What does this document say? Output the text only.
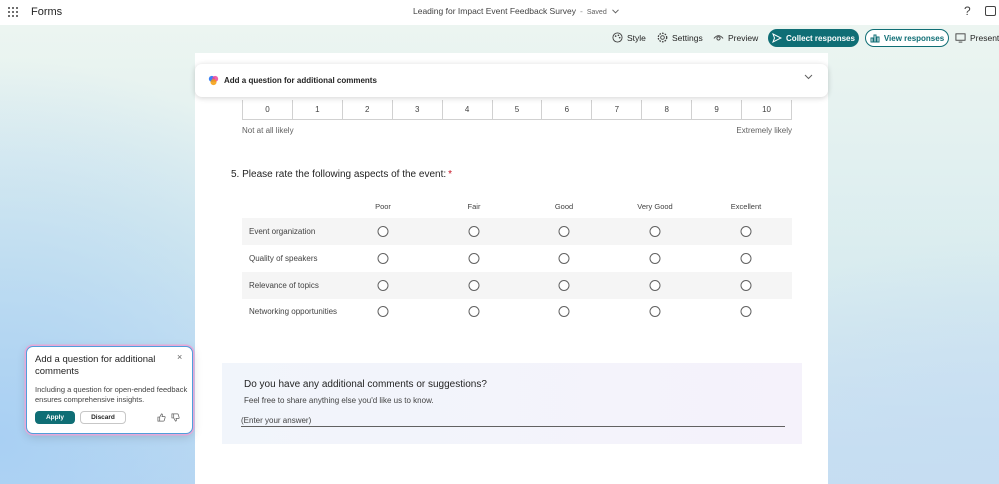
Forms	Leading for Impact Event Feedback Survey - Saved	?
Style	Settings	Preview	Collect responses	View responses	Present
0	1	2	3	4	5	6	7	8	9	10
Not at all likely	Extremely likely
5. Please rate the following aspects of the event: *
Poor	Fair	Good	Very Good	Excellent
Event organization
Quality of speakers
Relevance of topics
Networking opportunities
Do you have any additional comments or suggestions?
Feel free to share anything else you'd like us to know.
(Enter your answer)
Add a question for additional comments
Add a question for additional comments
×
Including a question for open-ended feedback ensures comprehensive insights.
Apply	Discard
